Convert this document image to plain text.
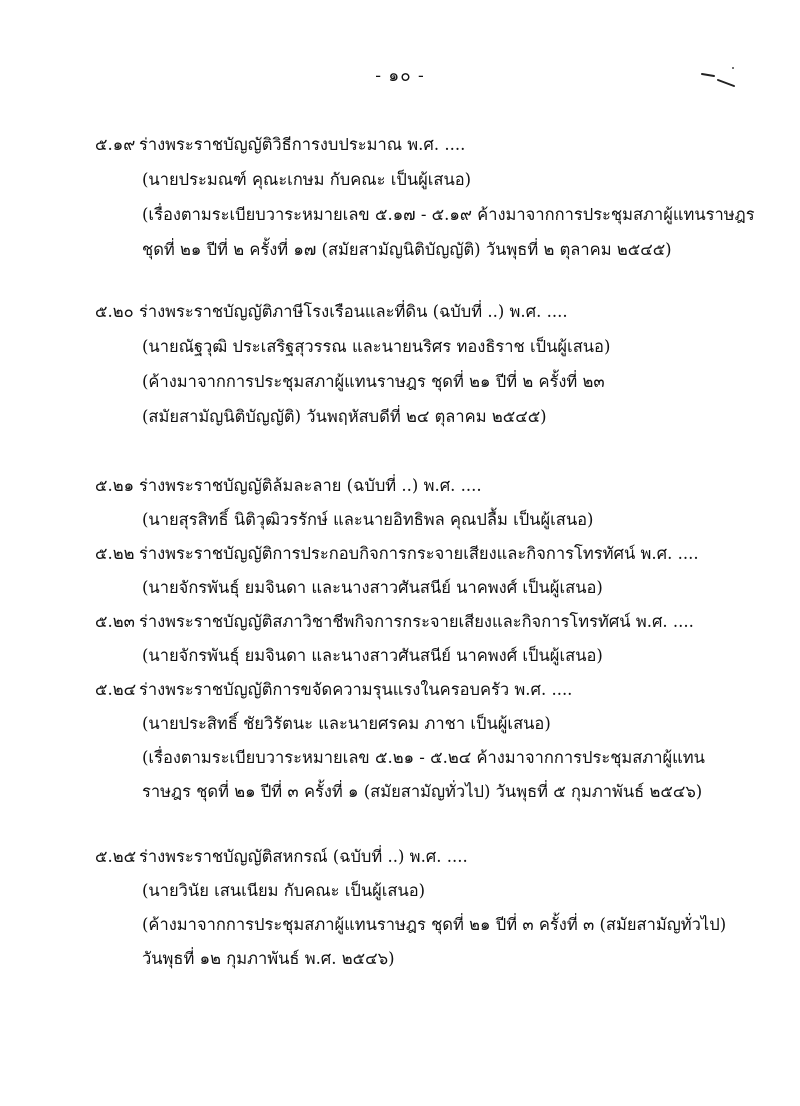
- ๑๐ -
๕.๑๙ ร่างพระราชบัญญัติวิธีการงบประมาณ พ.ศ. ....
(นายประมณฑ์ คุณะเกษม กับคณะ เป็นผู้เสนอ)
(เรื่องตามระเบียบวาระหมายเลข ๕.๑๗ - ๕.๑๙ ค้างมาจากการประชุมสภาผู้แทนราษฎร
ชุดที่ ๒๑ ปีที่ ๒ ครั้งที่ ๑๗ (สมัยสามัญนิติบัญญัติ) วันพุธที่ ๒ ตุลาคม ๒๕๔๕)
๕.๒๐ ร่างพระราชบัญญัติภาษีโรงเรือนและที่ดิน (ฉบับที่ ..) พ.ศ. ....
(นายณัฐวุฒิ ประเสริฐสุวรรณ และนายนริศร ทองธิราช เป็นผู้เสนอ)
(ค้างมาจากการประชุมสภาผู้แทนราษฎร ชุดที่ ๒๑ ปีที่ ๒ ครั้งที่ ๒๓
(สมัยสามัญนิติบัญญัติ) วันพฤหัสบดีที่ ๒๔ ตุลาคม ๒๕๔๕)
๕.๒๑ ร่างพระราชบัญญัติล้มละลาย (ฉบับที่ ..) พ.ศ. ....
(นายสุรสิทธิ์ นิติวุฒิวรรักษ์ และนายอิทธิพล คุณปลื้ม เป็นผู้เสนอ)
๕.๒๒ ร่างพระราชบัญญัติการประกอบกิจการกระจายเสียงและกิจการโทรทัศน์ พ.ศ. ....
(นายจักรพันธุ์ ยมจินดา และนางสาวศันสนีย์ นาคพงศ์ เป็นผู้เสนอ)
๕.๒๓ ร่างพระราชบัญญัติสภาวิชาชีพกิจการกระจายเสียงและกิจการโทรทัศน์ พ.ศ. ....
(นายจักรพันธุ์ ยมจินดา และนางสาวศันสนีย์ นาคพงศ์ เป็นผู้เสนอ)
๕.๒๔ ร่างพระราชบัญญัติการขจัดความรุนแรงในครอบครัว พ.ศ. ....
(นายประสิทธิ์ ชัยวิรัตนะ และนายศรคม ภาชา เป็นผู้เสนอ)
(เรื่องตามระเบียบวาระหมายเลข ๕.๒๑ - ๕.๒๔ ค้างมาจากการประชุมสภาผู้แทน
ราษฎร ชุดที่ ๒๑ ปีที่ ๓ ครั้งที่ ๑ (สมัยสามัญทั่วไป) วันพุธที่ ๕ กุมภาพันธ์ ๒๕๔๖)
๕.๒๕ ร่างพระราชบัญญัติสหกรณ์ (ฉบับที่ ..) พ.ศ. ....
(นายวินัย เสนเนียม กับคณะ เป็นผู้เสนอ)
(ค้างมาจากการประชุมสภาผู้แทนราษฎร ชุดที่ ๒๑ ปีที่ ๓ ครั้งที่ ๓ (สมัยสามัญทั่วไป)
วันพุธที่ ๑๒ กุมภาพันธ์ พ.ศ. ๒๕๔๖)
